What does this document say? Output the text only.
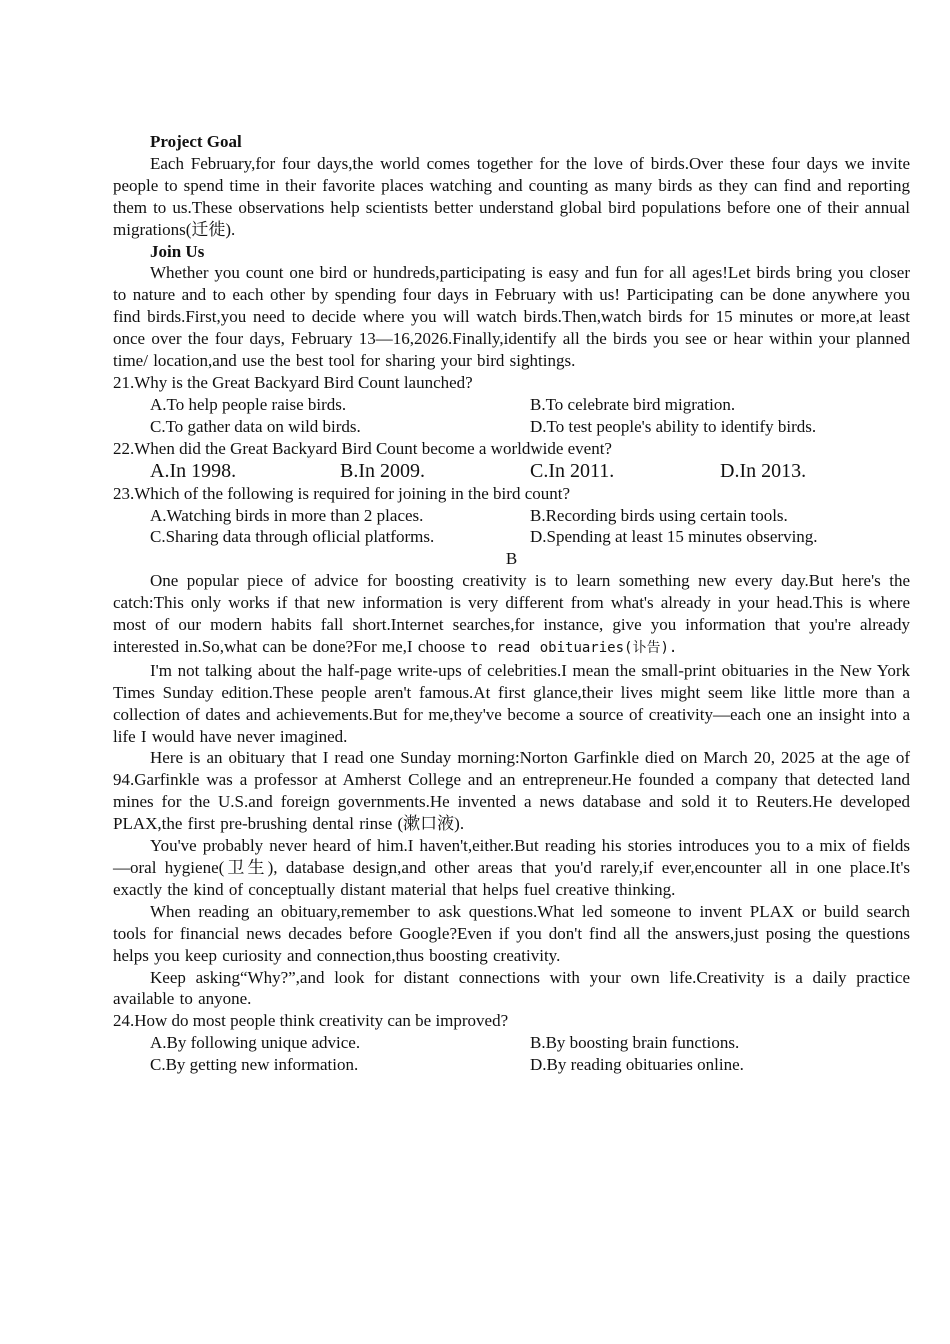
Project Goal

Each February,for four days,the world comes together for the love of birds.Over these four days we invite people to spend time in their favorite places watching and counting as many birds as they can find and reporting them to us.These observations help scientists better understand global bird populations before one of their annual migrations(迁徙).

Join Us

Whether you count one bird or hundreds,participating is easy and fun for all ages!Let birds bring you closer to nature and to each other by spending four days in February with us! Participating can be done anywhere you find birds.First,you need to decide where you will watch birds.Then,watch birds for 15 minutes or more,at least once over the four days, February 13—16,2026.Finally,identify all the birds you see or hear within your planned time/ location,and use the best tool for sharing your bird sightings.

21.Why is the Great Backyard Bird Count launched?

A.To help people raise birds.	B.To celebrate bird migration.
C.To gather data on wild birds.	D.To test people's ability to identify birds.

22.When did the Great Backyard Bird Count become a worldwide event?

A.In 1998.	B.In 2009.	C.In 2011.	D.In 2013.

23.Which of the following is required for joining in the bird count?

A.Watching birds in more than 2 places.	B.Recording birds using certain tools.
C.Sharing data through oflicial platforms.	D.Spending at least 15 minutes observing.

B

One popular piece of advice for boosting creativity is to learn something new every day.But here's the catch:This only works if that new information is very different from what's already in your head.This is where most of our modern habits fall short.Internet searches,for instance, give you information that you're already interested in.So,what can be done?For me,I choose to read obituaries(讣告).

I'm not talking about the half-page write-ups of celebrities.I mean the small-print obituaries in the New York Times Sunday edition.These people aren't famous.At first glance,their lives might seem like little more than a collection of dates and achievements.But for me,they've become a source of creativity—each one an insight into a life I would have never imagined.

Here is an obituary that I read one Sunday morning:Norton Garfinkle died on March 20, 2025 at the age of 94.Garfinkle was a professor at Amherst College and an entrepreneur.He founded a company that detected land mines for the U.S.and foreign governments.He invented a news database and sold it to Reuters.He developed PLAX,the first pre-brushing dental rinse (漱口液).

You've probably never heard of him.I haven't,either.But reading his stories introduces you to a mix of fields—oral hygiene(卫生), database design,and other areas that you'd rarely,if ever,encounter all in one place.It's exactly the kind of conceptually distant material that helps fuel creative thinking.

When reading an obituary,remember to ask questions.What led someone to invent PLAX or build search tools for financial news decades before Google?Even if you don't find all the answers,just posing the questions helps you keep curiosity and connection,thus boosting creativity.

Keep asking“Why?”,and look for distant connections with your own life.Creativity is a daily practice available to anyone.

24.How do most people think creativity can be improved?

A.By following unique advice.	B.By boosting brain functions.
C.By getting new information.	D.By reading obituaries online.
